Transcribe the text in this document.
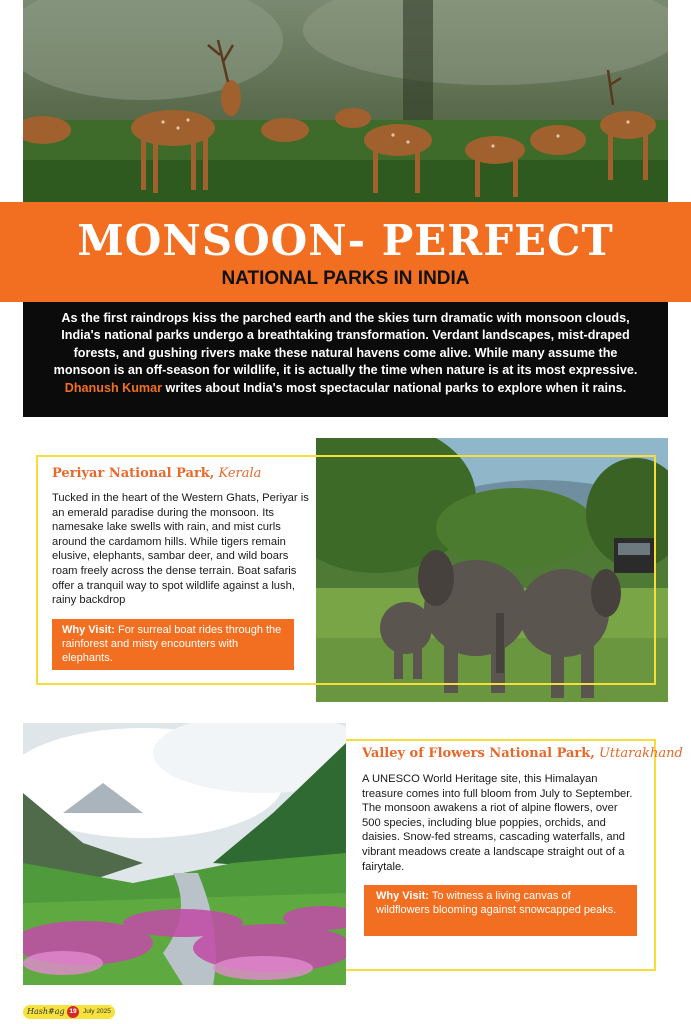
MONSOON- PERFECT
NATIONAL PARKS IN INDIA
As the first raindrops kiss the parched earth and the skies turn dramatic with monsoon clouds, India's national parks undergo a breathtaking transformation. Verdant landscapes, mist-draped forests, and gushing rivers make these natural havens come alive. While many assume the monsoon is an off-season for wildlife, it is actually the time when nature is at its most expressive. Dhanush Kumar writes about India's most spectacular national parks to explore when it rains.
Periyar National Park, Kerala
Tucked in the heart of the Western Ghats, Periyar is an emerald paradise during the monsoon. Its namesake lake swells with rain, and mist curls around the cardamom hills. While tigers remain elusive, elephants, sambar deer, and wild boars roam freely across the dense terrain. Boat safaris offer a tranquil way to spot wildlife against a lush, rainy backdrop
Why Visit: For surreal boat rides through the rainforest and misty encounters with elephants.
Valley of Flowers National Park, Uttarakhand
A UNESCO World Heritage site, this Himalayan treasure comes into full bloom from July to September. The monsoon awakens a riot of alpine flowers, over 500 species, including blue poppies, orchids, and daisies. Snow-fed streams, cascading waterfalls, and vibrant meadows create a landscape straight out of a fairytale.
Why Visit: To witness a living canvas of wildflowers blooming against snowcapped peaks.
Hash#ag 19 July 2025
